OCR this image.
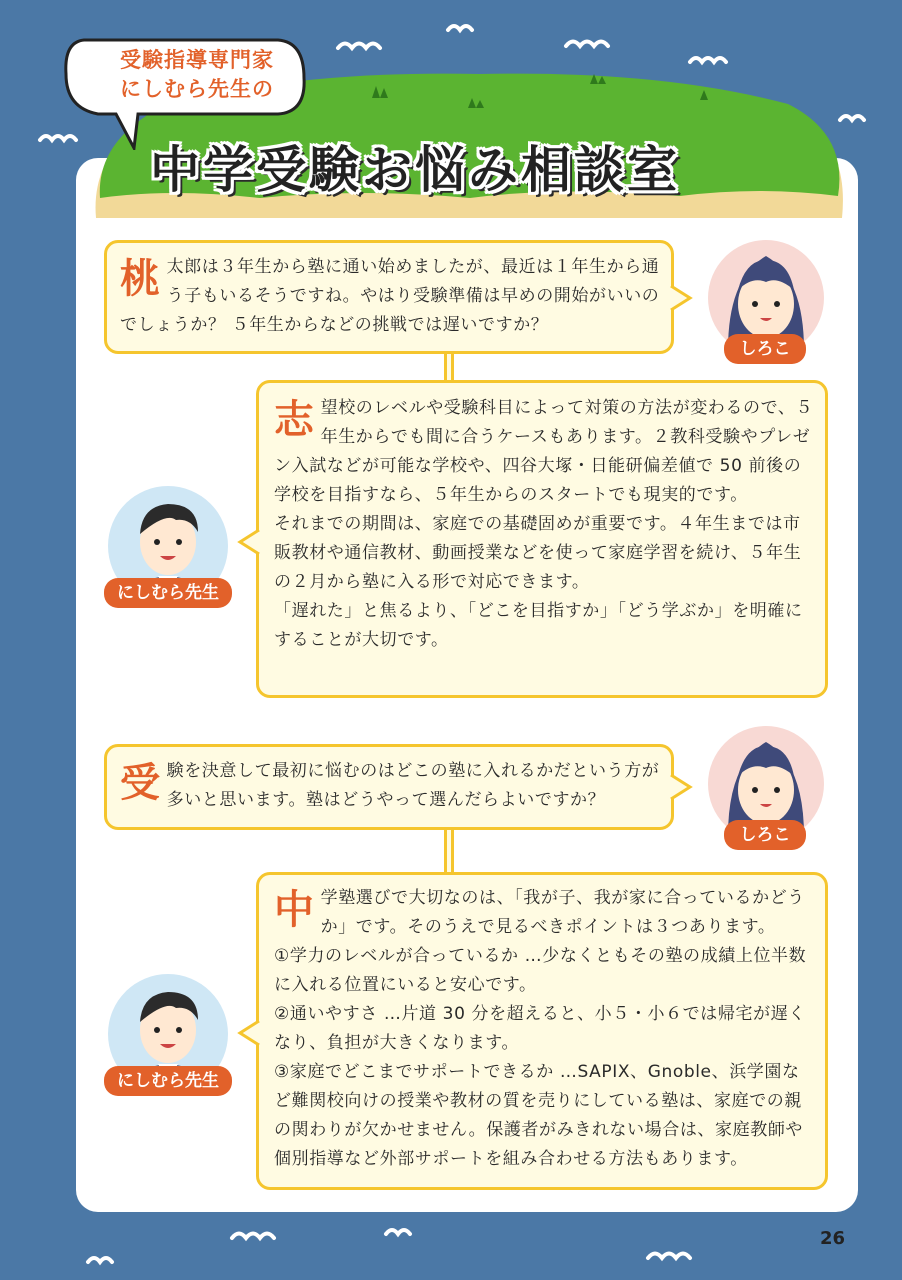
受験指導専門家
にしむら先生の
中学受験お悩み相談室
桃太郎は３年生から塾に通い始めましたが、最近は１年生から通う子もいるそうですね。やはり受験準備は早めの開始がいいのでしょうか？ ５年生からなどの挑戦では遅いですか？
しろこ

志望校のレベルや受験科目によって対策の方法が変わるので、５年生からでも間に合うケースもあります。２教科受験やプレゼン入試などが可能な学校や、四谷大塚・日能研偏差値で 50 前後の学校を目指すなら、５年生からのスタートでも現実的です。

それまでの期間は、家庭での基礎固めが重要です。４年生までは市販教材や通信教材、動画授業などを使って家庭学習を続け、５年生の２月から塾に入る形で対応できます。

「遅れた」と焦るより、「どこを目指すか」「どう学ぶか」を明確にすることが大切です。

にしむら先生
受験を決意して最初に悩むのはどこの塾に入れるかだという方が多いと思います。塾はどうやって選んだらよいですか？
しろこ

中学塾選びで大切なのは、「我が子、我が家に合っているかどうか」です。そのうえで見るべきポイントは３つあります。

①学力のレベルが合っているか …少なくともその塾の成績上位半数に入れる位置にいると安心です。

②通いやすさ …片道 30 分を超えると、小５・小６では帰宅が遅くなり、負担が大きくなります。

③家庭でどこまでサポートできるか …SAPIX、Gnoble、浜学園など難関校向けの授業や教材の質を売りにしている塾は、家庭での親の関わりが欠かせません。保護者がみきれない場合は、家庭教師や個別指導など外部サポートを組み合わせる方法もあります。

にしむら先生
26
